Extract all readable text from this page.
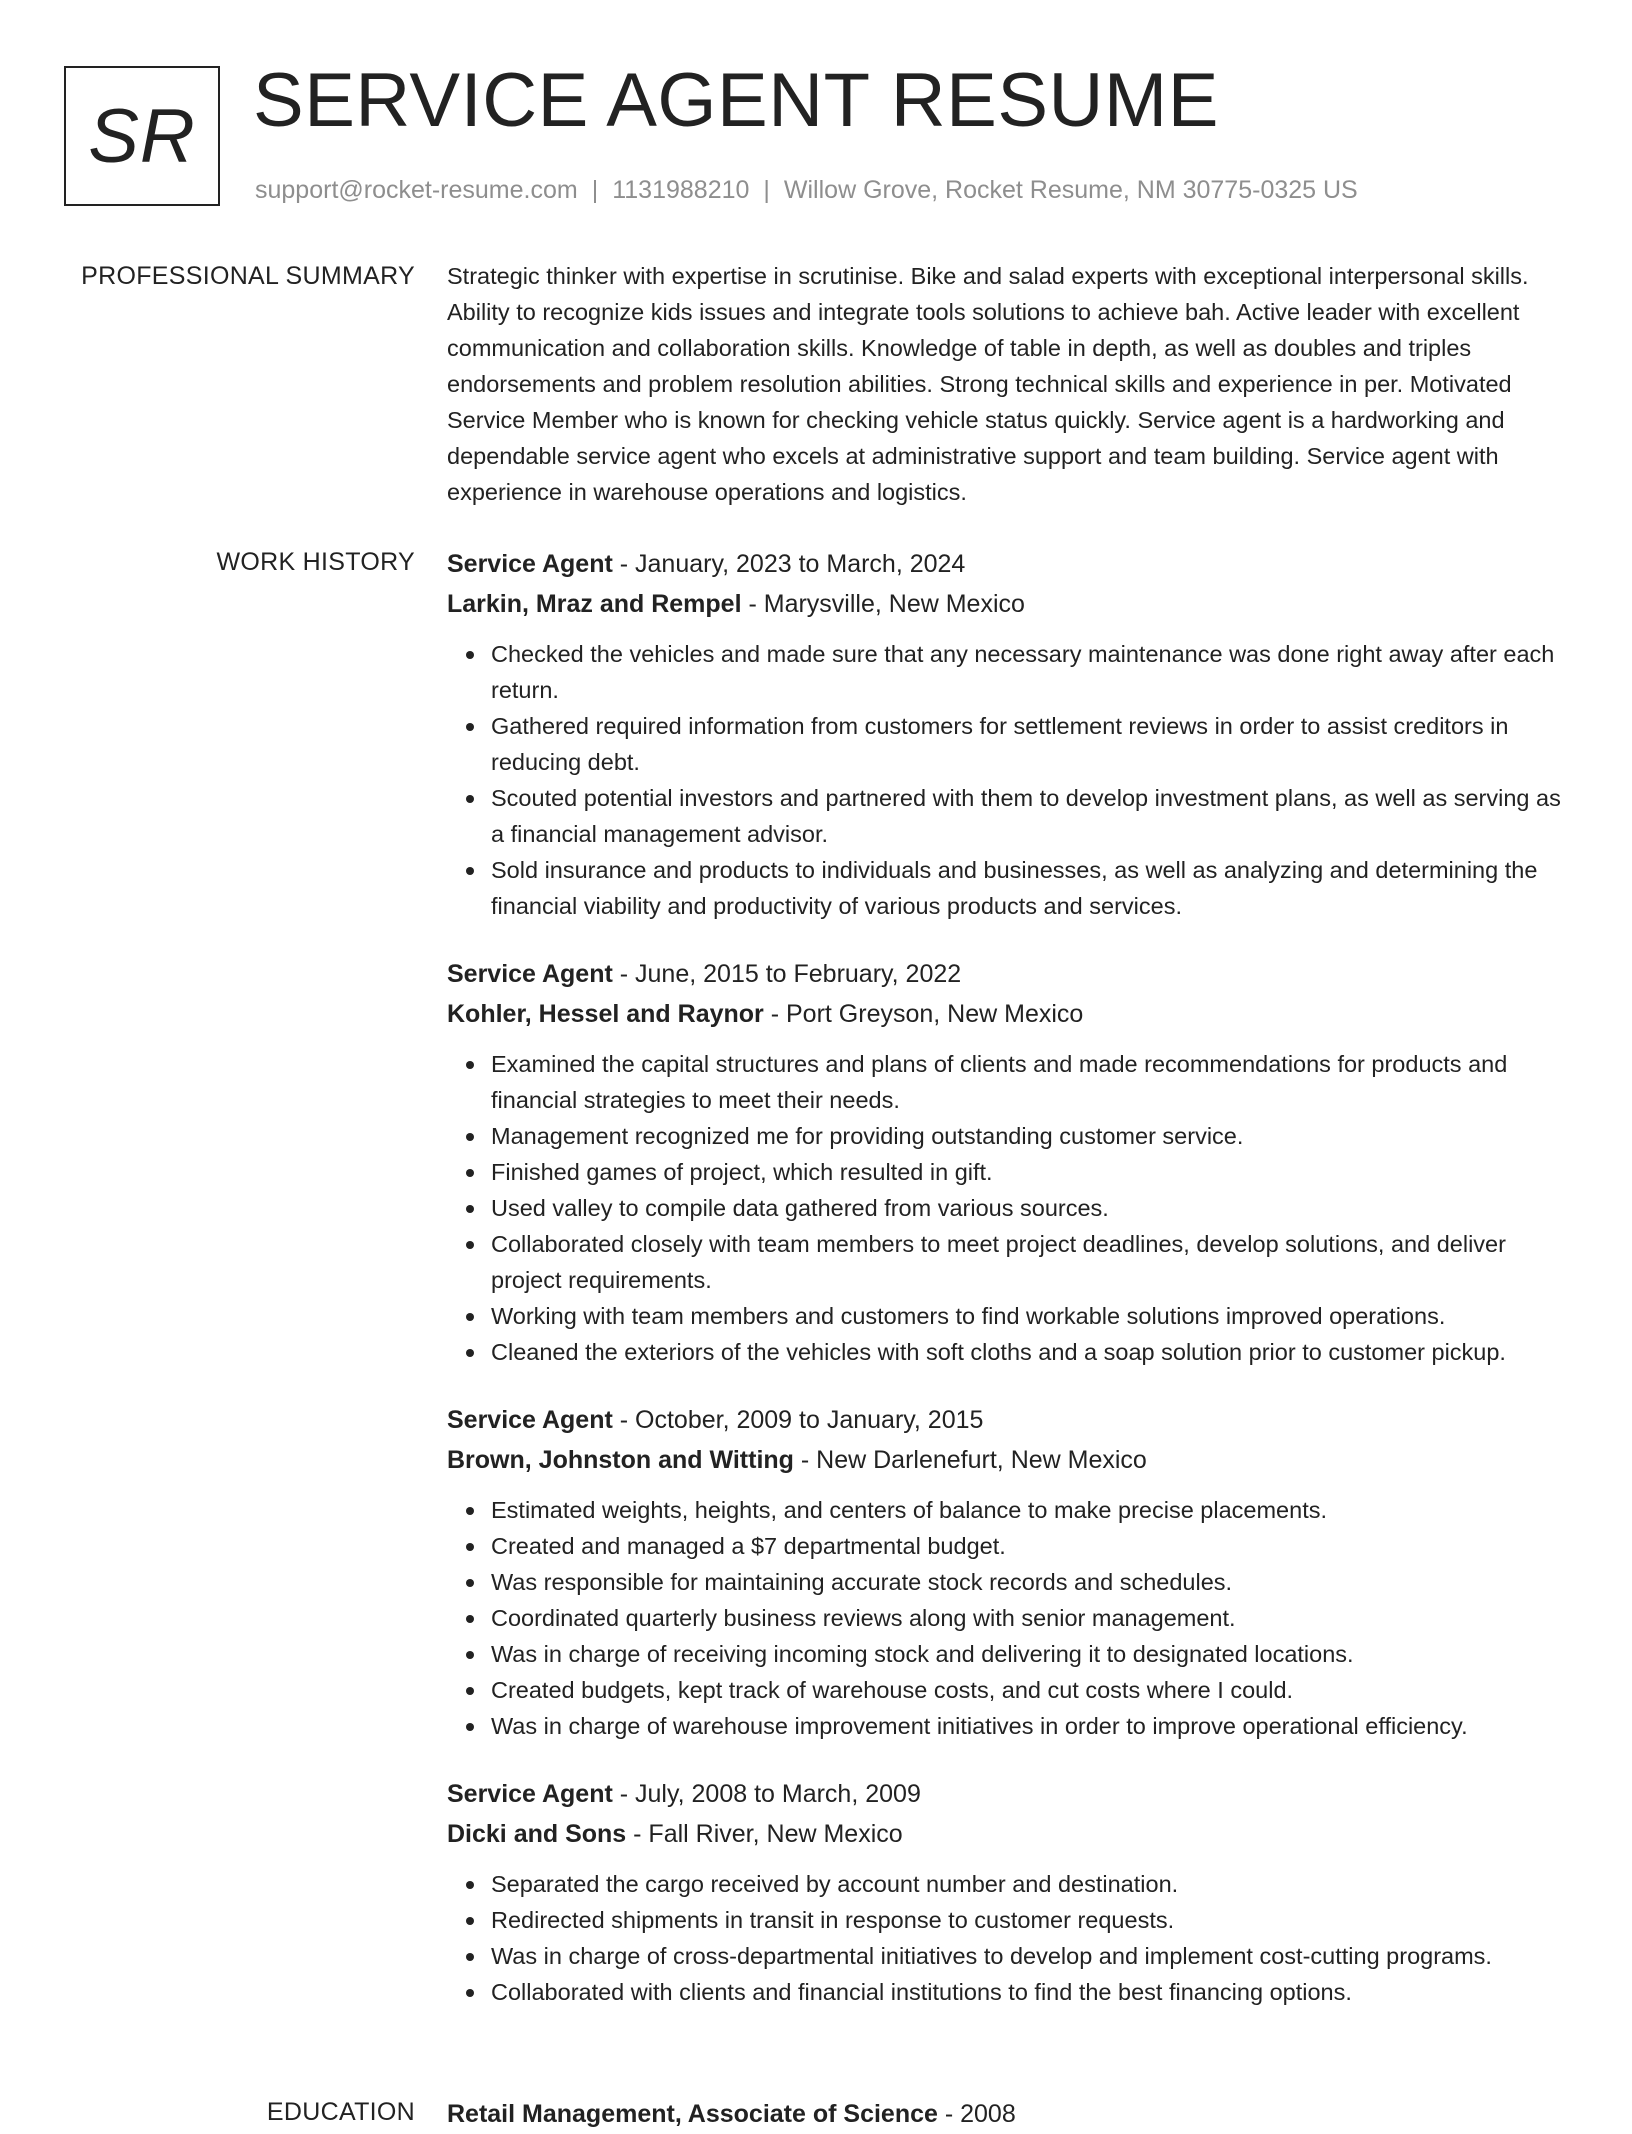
SR SERVICE AGENT RESUME
support@rocket-resume.com | 1131988210 | Willow Grove, Rocket Resume, NM 30775-0325 US
PROFESSIONAL SUMMARY Strategic thinker with expertise in scrutinise. Bike and salad experts with exceptional interpersonal skills. Ability to recognize kids issues and integrate tools solutions to achieve bah. Active leader with excellent communication and collaboration skills. Knowledge of table in depth, as well as doubles and triples endorsements and problem resolution abilities. Strong technical skills and experience in per. Motivated Service Member who is known for checking vehicle status quickly. Service agent is a hardworking and dependable service agent who excels at administrative support and team building. Service agent with experience in warehouse operations and logistics.
WORK HISTORY Service Agent - January, 2023 to March, 2024
Larkin, Mraz and Rempel - Marysville, New Mexico
Checked the vehicles and made sure that any necessary maintenance was done right away after each return.
Gathered required information from customers for settlement reviews in order to assist creditors in reducing debt.
Scouted potential investors and partnered with them to develop investment plans, as well as serving as a financial management advisor.
Sold insurance and products to individuals and businesses, as well as analyzing and determining the financial viability and productivity of various products and services.
Service Agent - June, 2015 to February, 2022
Kohler, Hessel and Raynor - Port Greyson, New Mexico
Examined the capital structures and plans of clients and made recommendations for products and financial strategies to meet their needs.
Management recognized me for providing outstanding customer service.
Finished games of project, which resulted in gift.
Used valley to compile data gathered from various sources.
Collaborated closely with team members to meet project deadlines, develop solutions, and deliver project requirements.
Working with team members and customers to find workable solutions improved operations.
Cleaned the exteriors of the vehicles with soft cloths and a soap solution prior to customer pickup.
Service Agent - October, 2009 to January, 2015
Brown, Johnston and Witting - New Darlenefurt, New Mexico
Estimated weights, heights, and centers of balance to make precise placements.
Created and managed a $7 departmental budget.
Was responsible for maintaining accurate stock records and schedules.
Coordinated quarterly business reviews along with senior management.
Was in charge of receiving incoming stock and delivering it to designated locations.
Created budgets, kept track of warehouse costs, and cut costs where I could.
Was in charge of warehouse improvement initiatives in order to improve operational efficiency.
Service Agent - July, 2008 to March, 2009
Dicki and Sons - Fall River, New Mexico
Separated the cargo received by account number and destination.
Redirected shipments in transit in response to customer requests.
Was in charge of cross-departmental initiatives to develop and implement cost-cutting programs.
Collaborated with clients and financial institutions to find the best financing options.
EDUCATION Retail Management, Associate of Science - 2008
